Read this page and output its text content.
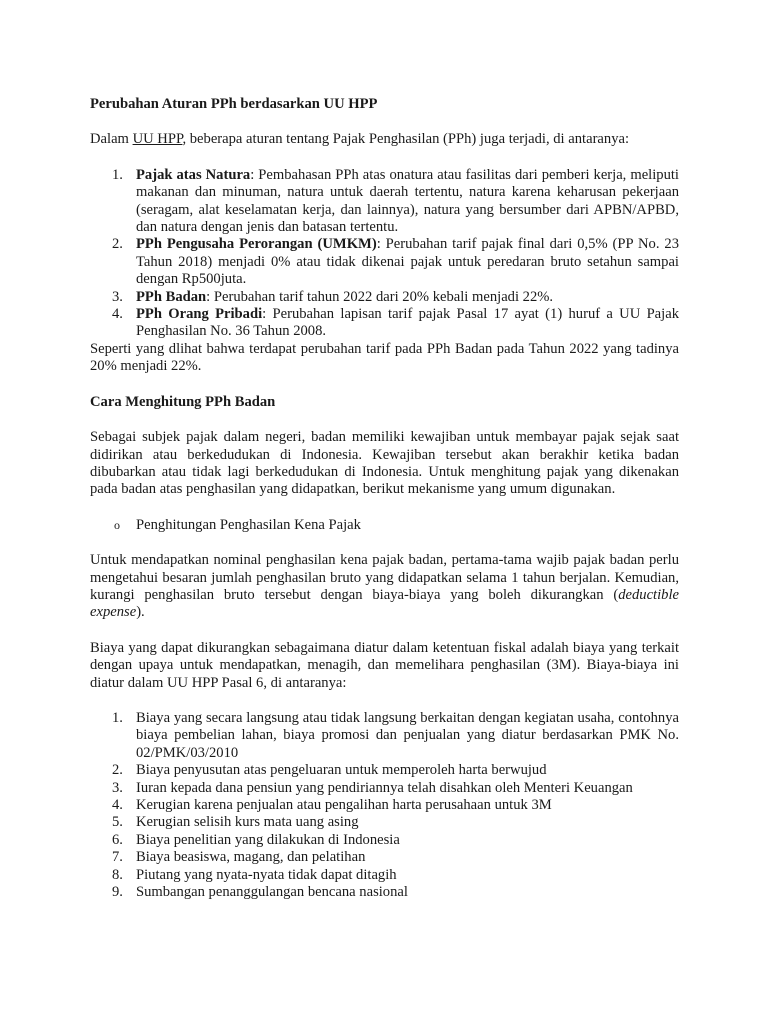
Perubahan Aturan PPh berdasarkan UU HPP

Dalam UU HPP, beberapa aturan tentang Pajak Penghasilan (PPh) juga terjadi, di antaranya:

1. Pajak atas Natura: Pembahasan PPh atas onatura atau fasilitas dari pemberi kerja, meliputi makanan dan minuman, natura untuk daerah tertentu, natura karena keharusan pekerjaan (seragam, alat keselamatan kerja, dan lainnya), natura yang bersumber dari APBN/APBD, dan natura dengan jenis dan batasan tertentu.
2. PPh Pengusaha Perorangan (UMKM): Perubahan tarif pajak final dari 0,5% (PP No. 23 Tahun 2018) menjadi 0% atau tidak dikenai pajak untuk peredaran bruto setahun sampai dengan Rp500juta.
3. PPh Badan: Perubahan tarif tahun 2022 dari 20% kebali menjadi 22%.
4. PPh Orang Pribadi: Perubahan lapisan tarif pajak Pasal 17 ayat (1) huruf a UU Pajak Penghasilan No. 36 Tahun 2008.

Seperti yang dlihat bahwa terdapat perubahan tarif pada PPh Badan pada Tahun 2022 yang tadinya 20% menjadi 22%.

Cara Menghitung PPh Badan

Sebagai subjek pajak dalam negeri, badan memiliki kewajiban untuk membayar pajak sejak saat didirikan atau berkedudukan di Indonesia. Kewajiban tersebut akan berakhir ketika badan dibubarkan atau tidak lagi berkedudukan di Indonesia. Untuk menghitung pajak yang dikenakan pada badan atas penghasilan yang didapatkan, berikut mekanisme yang umum digunakan.

o Penghitungan Penghasilan Kena Pajak

Untuk mendapatkan nominal penghasilan kena pajak badan, pertama-tama wajib pajak badan perlu mengetahui besaran jumlah penghasilan bruto yang didapatkan selama 1 tahun berjalan. Kemudian, kurangi penghasilan bruto tersebut dengan biaya-biaya yang boleh dikurangkan (deductible expense).

Biaya yang dapat dikurangkan sebagaimana diatur dalam ketentuan fiskal adalah biaya yang terkait dengan upaya untuk mendapatkan, menagih, dan memelihara penghasilan (3M). Biaya-biaya ini diatur dalam UU HPP Pasal 6, di antaranya:

1. Biaya yang secara langsung atau tidak langsung berkaitan dengan kegiatan usaha, contohnya biaya pembelian lahan, biaya promosi dan penjualan yang diatur berdasarkan PMK No. 02/PMK/03/2010
2. Biaya penyusutan atas pengeluaran untuk memperoleh harta berwujud
3. Iuran kepada dana pensiun yang pendiriannya telah disahkan oleh Menteri Keuangan
4. Kerugian karena penjualan atau pengalihan harta perusahaan untuk 3M
5. Kerugian selisih kurs mata uang asing
6. Biaya penelitian yang dilakukan di Indonesia
7. Biaya beasiswa, magang, dan pelatihan
8. Piutang yang nyata-nyata tidak dapat ditagih
9. Sumbangan penanggulangan bencana nasional
